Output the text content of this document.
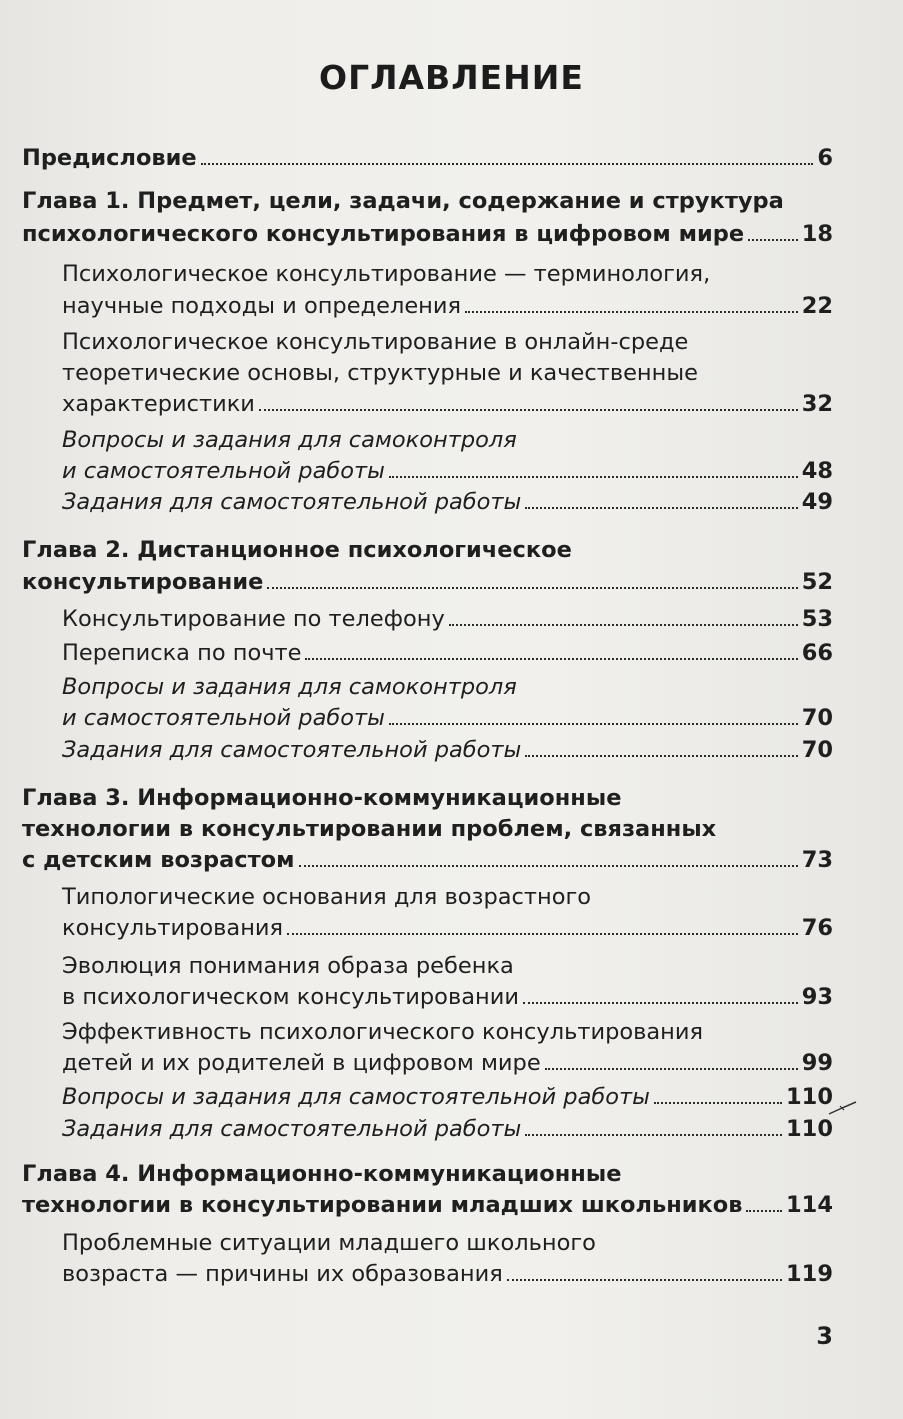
ОГЛАВЛЕНИЕ
Предисловие	6
Глава 1. Предмет, цели, задачи, содержание и структура
психологического консультирования в цифровом мире	18
Психологическое консультирование — терминология,
научные подходы и определения	22
Психологическое консультирование в онлайн-среде
теоретические основы, структурные и качественные
характеристики	32
Вопросы и задания для самоконтроля
и самостоятельной работы	48
Задания для самостоятельной работы	49
Глава 2. Дистанционное психологическое
консультирование	52
Консультирование по телефону	53
Переписка по почте	66
Вопросы и задания для самоконтроля
и самостоятельной работы	70
Задания для самостоятельной работы	70
Глава 3. Информационно-коммуникационные
технологии в консультировании проблем, связанных
с детским возрастом	73
Типологические основания для возрастного
консультирования	76
Эволюция понимания образа ребенка
в психологическом консультировании	93
Эффективность психологического консультирования
детей и их родителей в цифровом мире	99
Вопросы и задания для самостоятельной работы	110
Задания для самостоятельной работы	110
Глава 4. Информационно-коммуникационные
технологии в консультировании младших школьников 114
Проблемные ситуации младшего школьного
возраста — причины их образования	119
3
